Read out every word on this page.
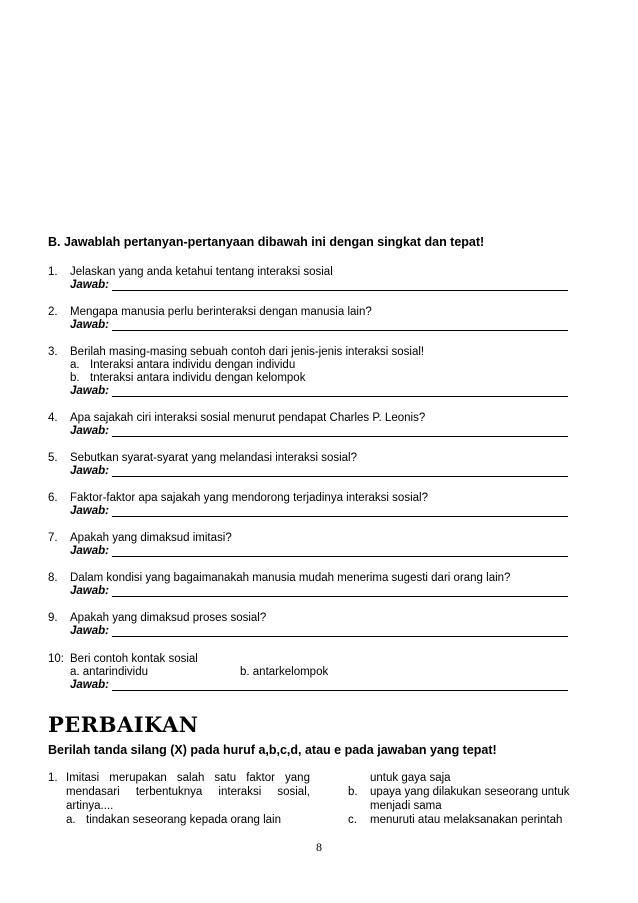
B. Jawablah pertanyan-pertanyaan dibawah ini dengan singkat dan tepat!
1. Jelaskan yang anda ketahui tentang interaksi sosial
Jawab:
2. Mengapa manusia perlu berinteraksi dengan manusia lain?
Jawab:
3. Berilah masing-masing sebuah contoh dari jenis-jenis interaksi sosial!
a. Interaksi antara individu dengan individu
b. tnteraksi antara individu dengan kelompok
Jawab:
4. Apa sajakah ciri interaksi sosial menurut pendapat Charles P. Leonis?
Jawab:
5. Sebutkan syarat-syarat yang melandasi interaksi sosial?
Jawab:
6. Faktor-faktor apa sajakah yang mendorong terjadinya interaksi sosial?
Jawab:
7. Apakah yang dimaksud imitasi?
Jawab:
8. Dalam kondisi yang bagaimanakah manusia mudah menerima sugesti dari orang lain?
Jawab:
9. Apakah yang dimaksud proses sosial?
Jawab:
10: Beri contoh kontak sosial
a. antarindividu	b. antarkelompok
Jawab:
PERBAIKAN
Berilah tanda silang (X) pada huruf a,b,c,d, atau e pada jawaban yang tepat!
1. Imitasi merupakan salah satu faktor yang
mendasari terbentuknya interaksi sosial,
artinya....
a. tindakan seseorang kepada orang lain
untuk gaya saja
b. upaya yang dilakukan seseorang untuk
menjadi sama
c. menuruti atau melaksanakan perintah
8
